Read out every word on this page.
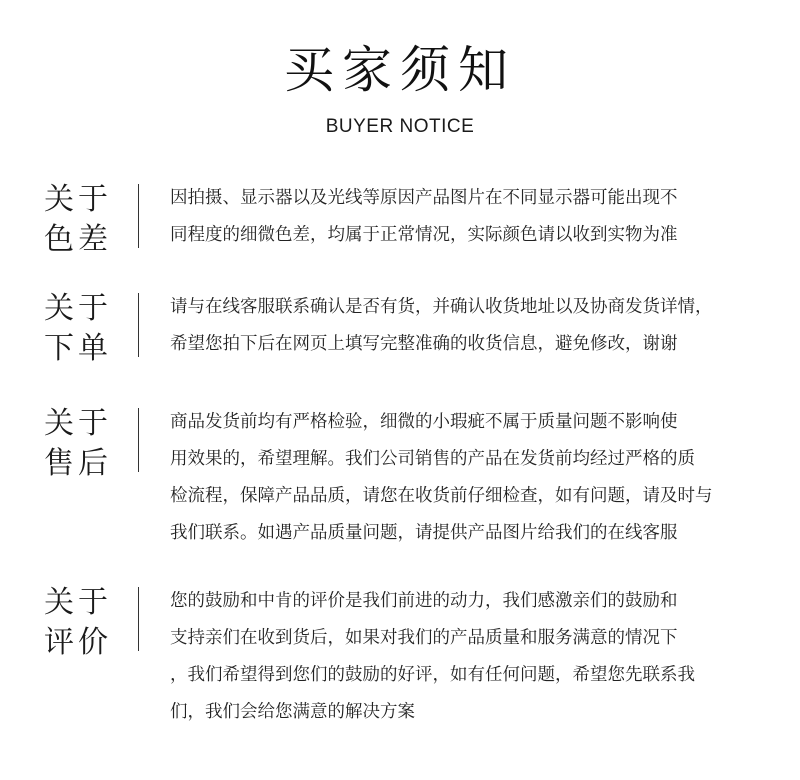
买家须知
BUYER NOTICE
关于
色差
因拍摄、显示器以及光线等原因产品图片在不同显示器可能出现不
同程度的细微色差，均属于正常情况，实际颜色请以收到实物为准
关于
下单
请与在线客服联系确认是否有货，并确认收货地址以及协商发货详情，
希望您拍下后在网页上填写完整准确的收货信息，避免修改，谢谢
关于
售后
商品发货前均有严格检验，细微的小瑕疵不属于质量问题不影响使
用效果的，希望理解。我们公司销售的产品在发货前均经过严格的质
检流程，保障产品品质，请您在收货前仔细检查，如有问题，请及时与
我们联系。如遇产品质量问题，请提供产品图片给我们的在线客服
关于
评价
您的鼓励和中肯的评价是我们前进的动力，我们感激亲们的鼓励和
支持亲们在收到货后，如果对我们的产品质量和服务满意的情况下
，我们希望得到您们的鼓励的好评，如有任何问题，希望您先联系我
们，我们会给您满意的解决方案
